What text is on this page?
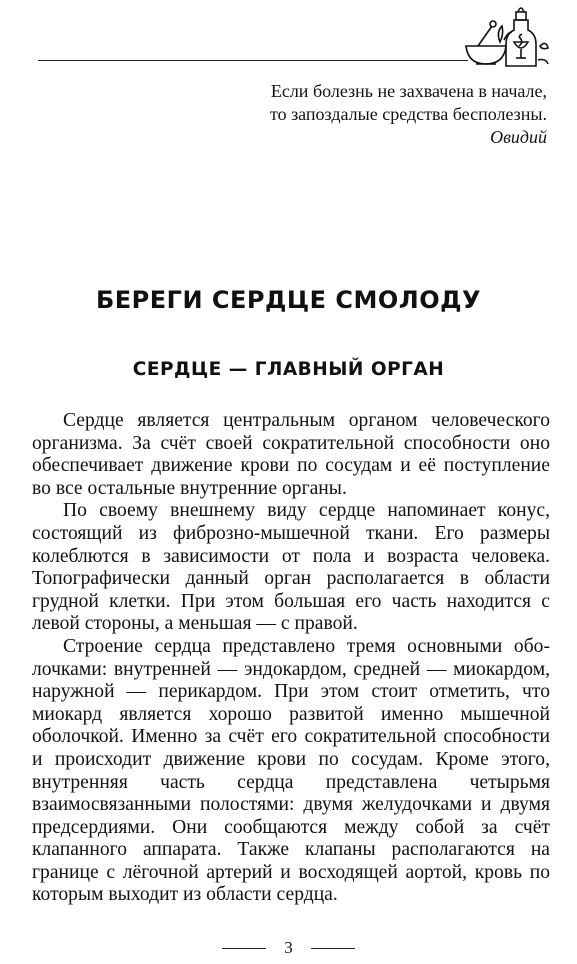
Если болезнь не захвачена в начале,
то запоздалые средства бесполезны.
Овидий
БЕРЕГИ СЕРДЦЕ СМОЛОДУ
СЕРДЦЕ — ГЛАВНЫЙ ОРГАН

Сердце является центральным органом человеческого организма. За счёт своей сократительной способности оно обеспечивает движение крови по сосудам и её поступление во все остальные внутренние органы.

По своему внешнему виду сердце напоминает конус, состоящий из фиброзно-мышечной ткани. Его размеры колеблются в зависимости от пола и возраста человека. Топографически данный орган располагается в области грудной клетки. При этом большая его часть находится с левой стороны, а меньшая — с правой.

Строение сердца представлено тремя основными оболочками: внутренней — эндокардом, средней — миокардом, наружной — перикардом. При этом стоит отметить, что миокард является хорошо развитой именно мышечной оболочкой. Именно за счёт его сократительной способности и происходит движение крови по сосудам. Кроме этого, внутренняя часть сердца представлена четырьмя взаимосвязанными полостями: двумя желудочками и двумя предсердиями. Они сообщаются между собой за счёт клапанного аппарата. Также клапаны располагаются на границе с лёгочной артерий и восходящей аортой, кровь по которым выходит из области сердца.

3
